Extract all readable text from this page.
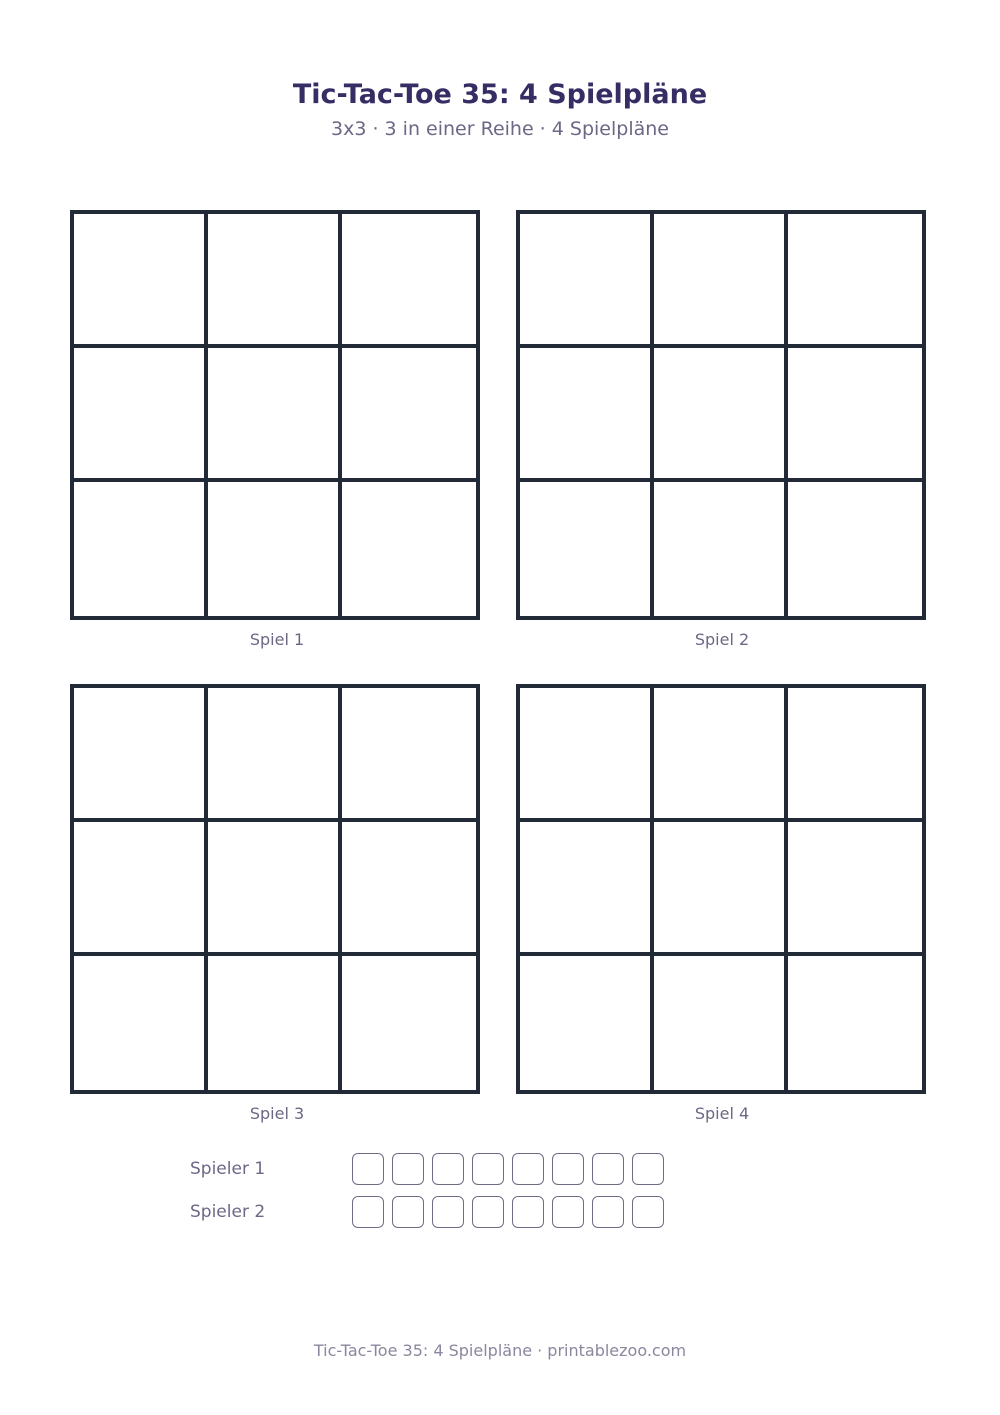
Tic-Tac-Toe 35: 4 Spielpläne
3x3 · 3 in einer Reihe · 4 Spielpläne
Spiel 1	Spiel 2
Spiel 3	Spiel 4
Spieler 1
Spieler 2
Tic-Tac-Toe 35: 4 Spielpläne · printablezoo.com
